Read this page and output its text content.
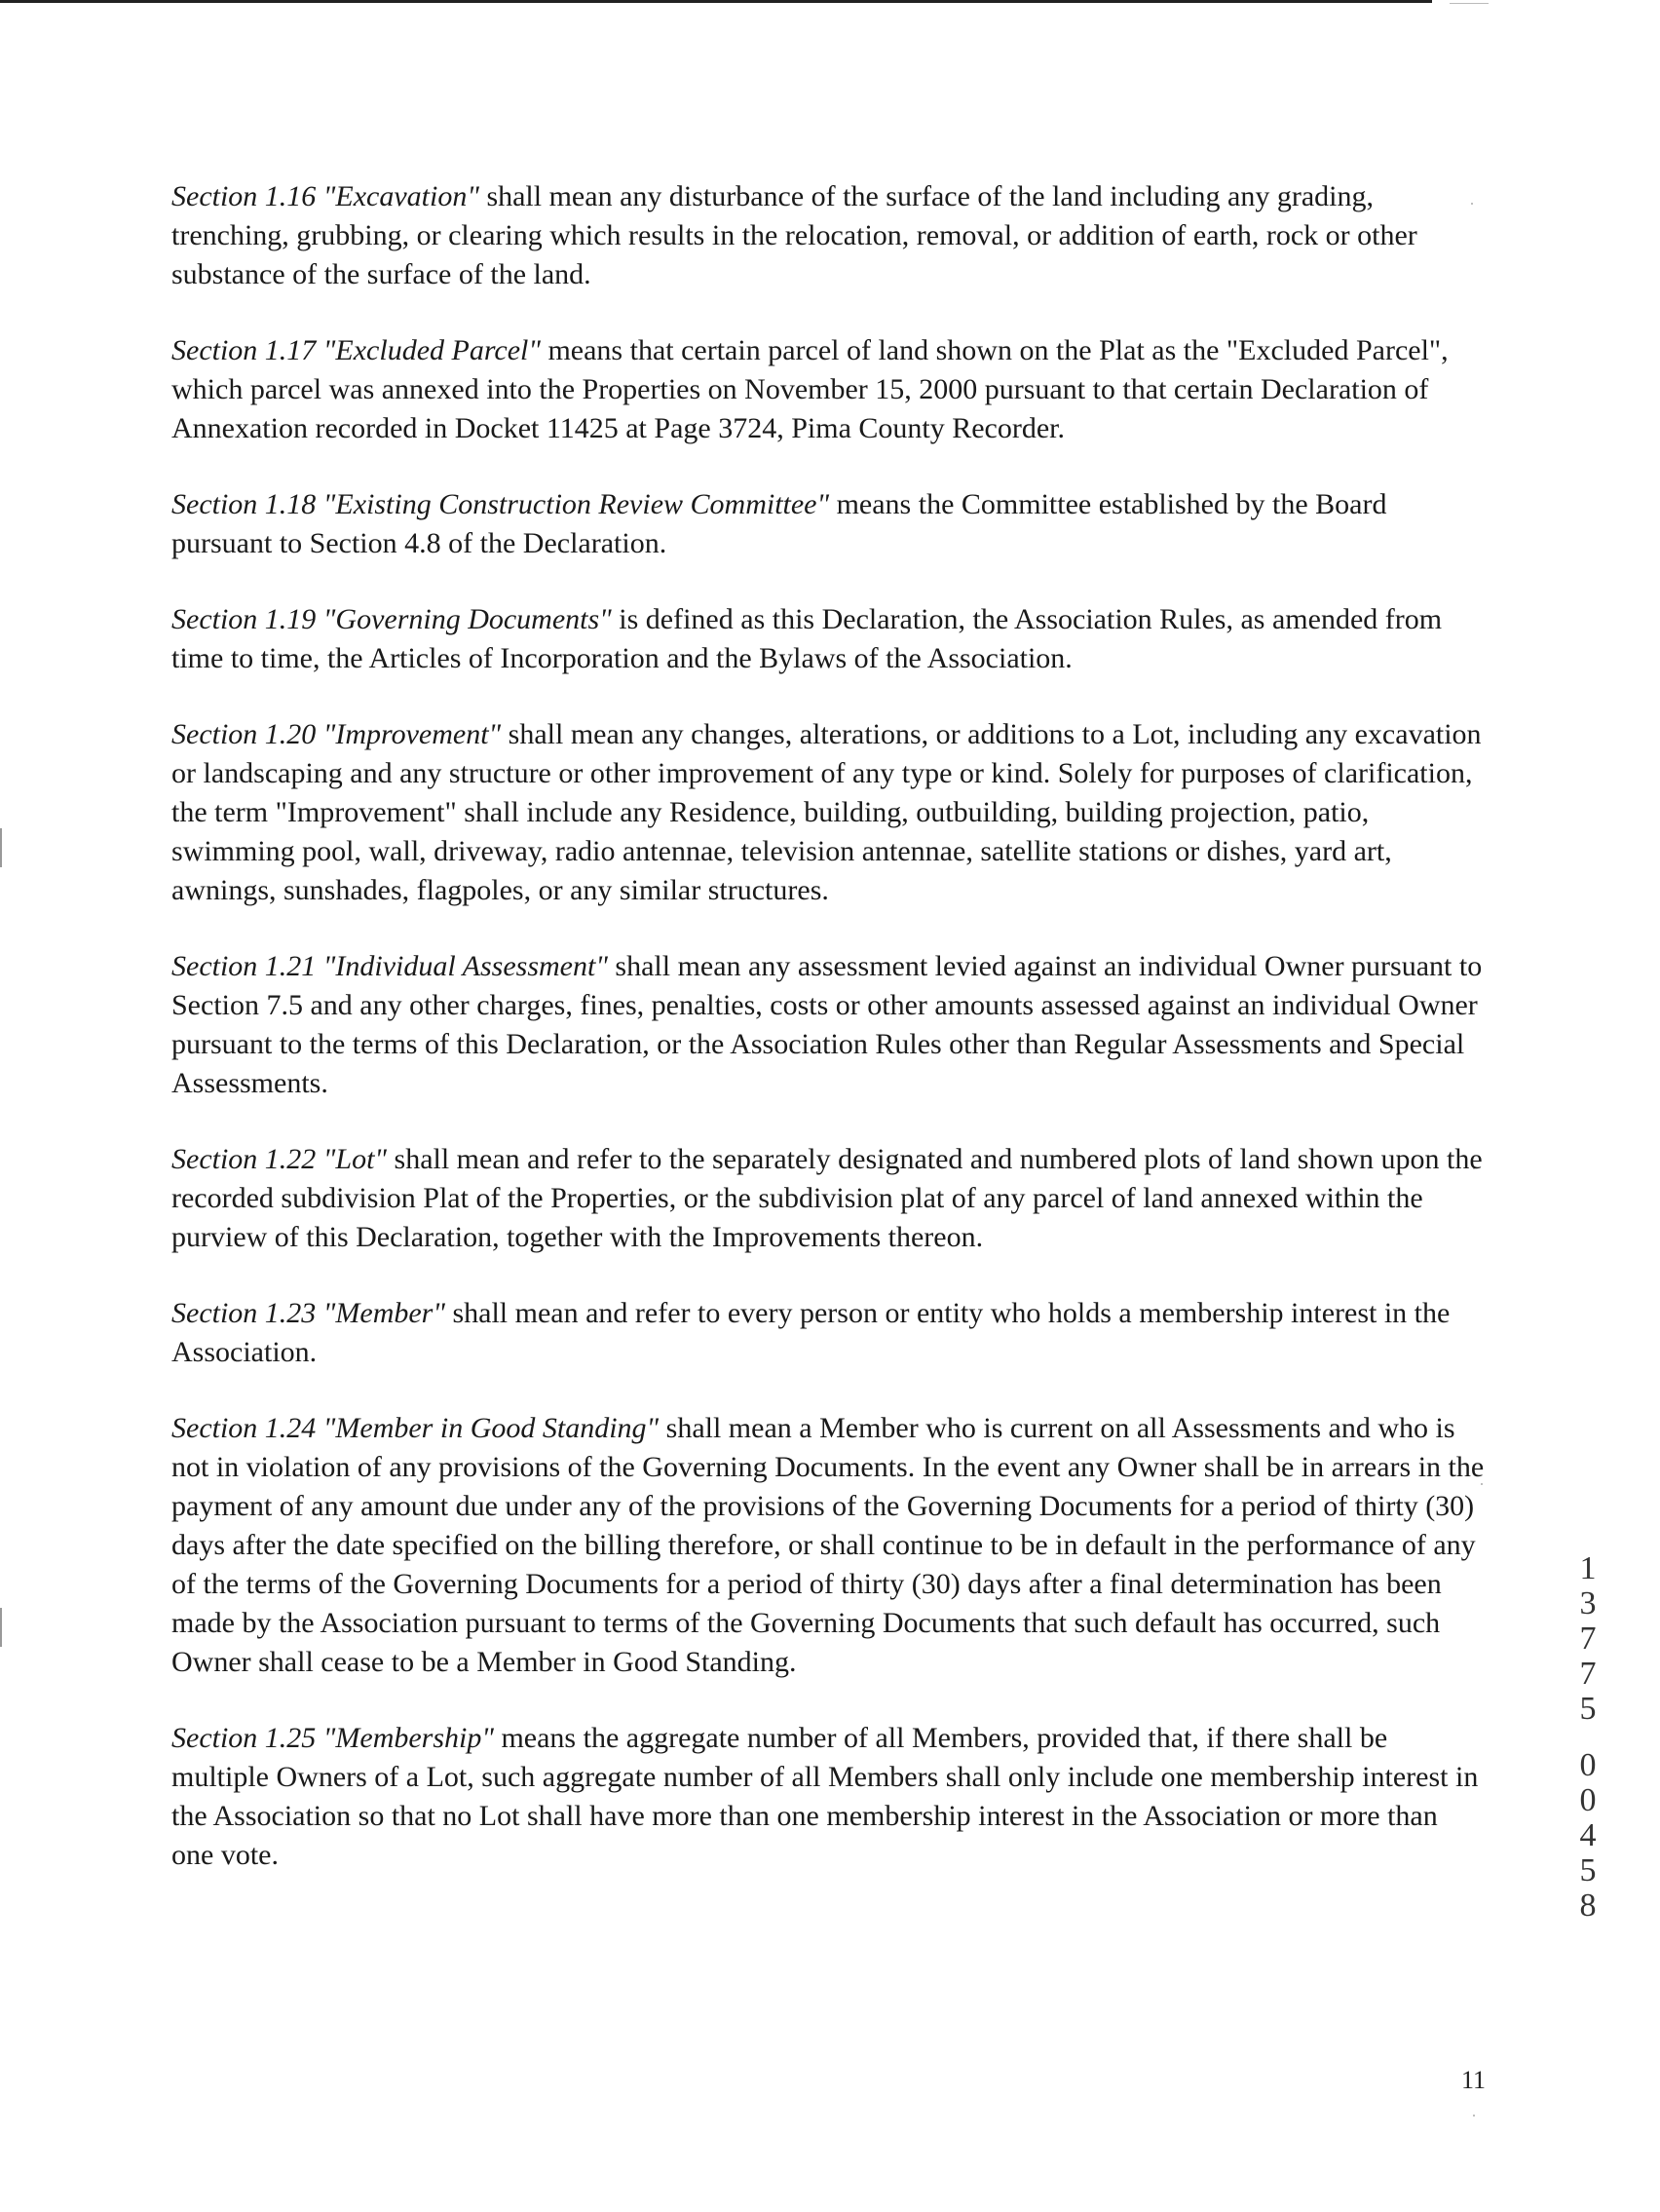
Section 1.16 "Excavation" shall mean any disturbance of the surface of the land including any grading, trenching, grubbing, or clearing which results in the relocation, removal, or addition of earth, rock or other substance of the surface of the land.

Section 1.17 "Excluded Parcel" means that certain parcel of land shown on the Plat as the "Excluded Parcel", which parcel was annexed into the Properties on November 15, 2000 pursuant to that certain Declaration of Annexation recorded in Docket 11425 at Page 3724, Pima County Recorder.

Section 1.18 "Existing Construction Review Committee" means the Committee established by the Board pursuant to Section 4.8 of the Declaration.

Section 1.19 "Governing Documents" is defined as this Declaration, the Association Rules, as amended from time to time, the Articles of Incorporation and the Bylaws of the Association.

Section 1.20 "Improvement" shall mean any changes, alterations, or additions to a Lot, including any excavation or landscaping and any structure or other improvement of any type or kind. Solely for purposes of clarification, the term "Improvement" shall include any Residence, building, outbuilding, building projection, patio, swimming pool, wall, driveway, radio antennae, television antennae, satellite stations or dishes, yard art, awnings, sunshades, flagpoles, or any similar structures.

Section 1.21 "Individual Assessment" shall mean any assessment levied against an individual Owner pursuant to Section 7.5 and any other charges, fines, penalties, costs or other amounts assessed against an individual Owner pursuant to the terms of this Declaration, or the Association Rules other than Regular Assessments and Special Assessments.

Section 1.22 "Lot" shall mean and refer to the separately designated and numbered plots of land shown upon the recorded subdivision Plat of the Properties, or the subdivision plat of any parcel of land annexed within the purview of this Declaration, together with the Improvements thereon.

Section 1.23 "Member" shall mean and refer to every person or entity who holds a membership interest in the Association.

Section 1.24 "Member in Good Standing" shall mean a Member who is current on all Assessments and who is not in violation of any provisions of the Governing Documents. In the event any Owner shall be in arrears in the payment of any amount due under any of the provisions of the Governing Documents for a period of thirty (30) days after the date specified on the billing therefore, or shall continue to be in default in the performance of any of the terms of the Governing Documents for a period of thirty (30) days after a final determination has been made by the Association pursuant to terms of the Governing Documents that such default has occurred, such Owner shall cease to be a Member in Good Standing.

Section 1.25 "Membership" means the aggregate number of all Members, provided that, if there shall be multiple Owners of a Lot, such aggregate number of all Members shall only include one membership interest in the Association so that no Lot shall have more than one membership interest in the Association or more than one vote.

1
3
7
7
5
0
0
4
5
8
11
